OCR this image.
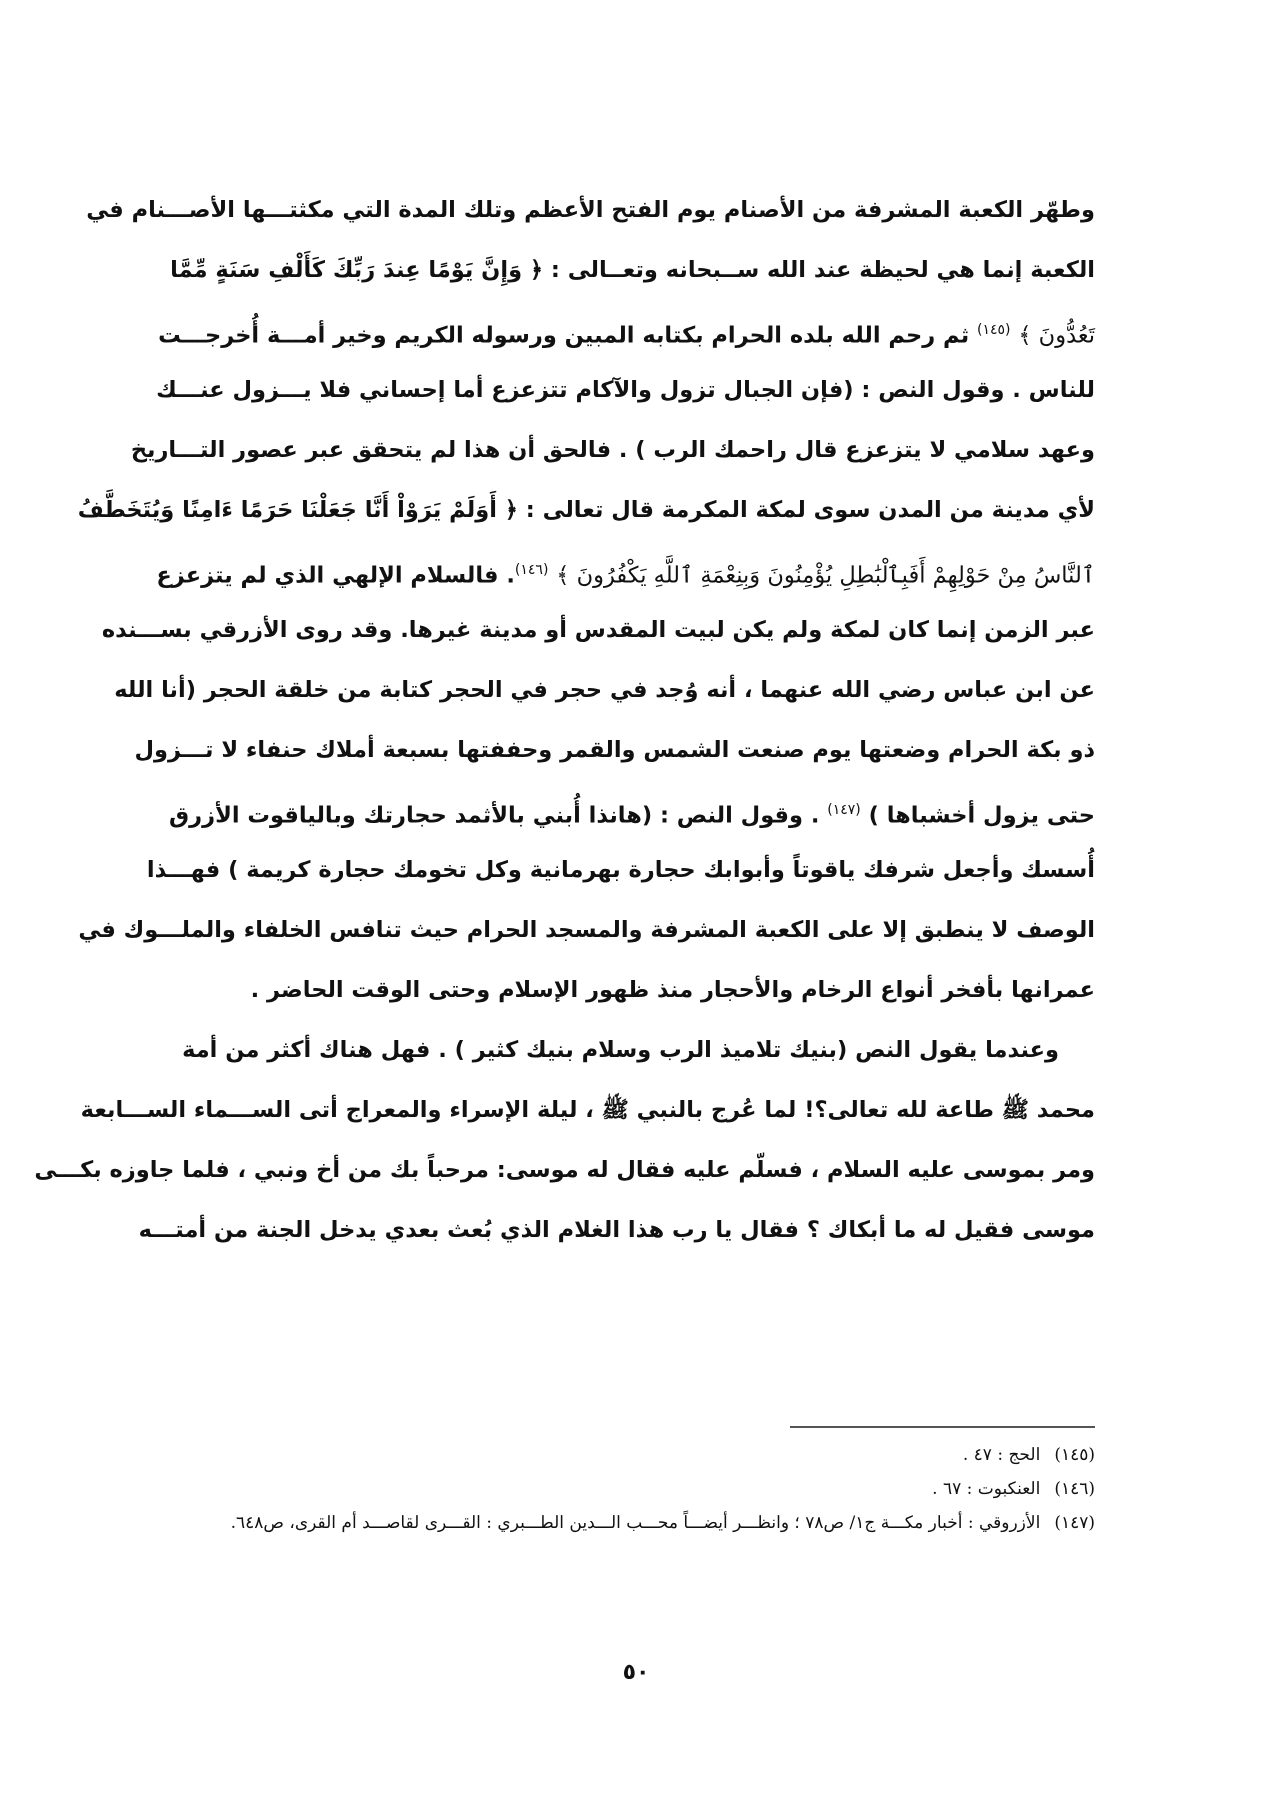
وطهّر الكعبة المشرفة من الأصنام يوم الفتح الأعظم وتلك المدة التي مكثتـــها الأصـــنام في
الكعبة إنما هي لحيظة عند الله ســبحانه وتعــالى : ﴿ وَإِنَّ يَوْمًا عِندَ رَبِّكَ كَأَلْفِ سَنَةٍ مِّمَّا
تَعُدُّونَ ﴾ $^{(١٤٥)}$ ثم رحم الله بلده الحرام بكتابه المبين ورسوله الكريم وخير أمـــة أُخرجـــت
للناس . وقول النص : (فإن الجبال تزول والآكام تتزعزع أما إحساني فلا يـــزول عنـــك
وعهد سلامي لا يتزعزع قال راحمك الرب ) . فالحق أن هذا لم يتحقق عبر عصور التـــاريخ
لأي مدينة من المدن سوى لمكة المكرمة قال تعالى : ﴿ أَوَلَمْ يَرَوْاْ أَنَّا جَعَلْنَا حَرَمًا ءَامِنًا وَيُتَخَطَّفُ
ٱلنَّاسُ مِنْ حَوْلِهِمْ أَفَبِٱلْبَٰطِلِ يُؤْمِنُونَ وَبِنِعْمَةِ ٱللَّهِ يَكْفُرُونَ ﴾ $^{(١٤٦)}$. فالسلام الإلهي الذي لم يتزعزع
عبر الزمن إنما كان لمكة ولم يكن لبيت المقدس أو مدينة غيرها. وقد روى الأزرقي بســـنده
عن ابن عباس رضي الله عنهما ، أنه وُجد في حجر في الحجر كتابة من خلقة الحجر (أنا الله
ذو بكة الحرام وضعتها يوم صنعت الشمس والقمر وحففتها بسبعة أملاك حنفاء لا تـــزول
حتى يزول أخشباها ) $^{(١٤٧)}$ . وقول النص : (هانذا أُبني بالأثمد حجارتك وبالياقوت الأزرق
أُسسك وأجعل شرفك ياقوتاً وأبوابك حجارة بهرمانية وكل تخومك حجارة كريمة ) فهـــذا
الوصف لا ينطبق إلا على الكعبة المشرفة والمسجد الحرام حيث تنافس الخلفاء والملـــوك في
عمرانها بأفخر أنواع الرخام والأحجار منذ ظهور الإسلام وحتى الوقت الحاضر .
وعندما يقول النص (بنيك تلاميذ الرب وسلام بنيك كثير ) . فهل هناك أكثر من أمة
محمد ﷺ طاعة لله تعالى؟! لما عُرج بالنبي ﷺ ، ليلة الإسراء والمعراج أتى الســـماء الســـابعة
ومر بموسى عليه السلام ، فسلّم عليه فقال له موسى: مرحباً بك من أخ ونبي ، فلما جاوزه بكـــى
موسى فقيل له ما أبكاك ؟ فقال يا رب هذا الغلام الذي بُعث بعدي يدخل الجنة من أمتـــه
(١٤٥)
الحج : ٤٧ .
(١٤٦)
العنكبوت : ٦٧ .
(١٤٧)
الأزروقي : أخبار مكـــة ج١/ ص٧٨ ؛ وانظـــر أيضـــاً محـــب الـــدين الطـــبري : القـــرى لقاصـــد أم القرى، ص٦٤٨.
٥٠
